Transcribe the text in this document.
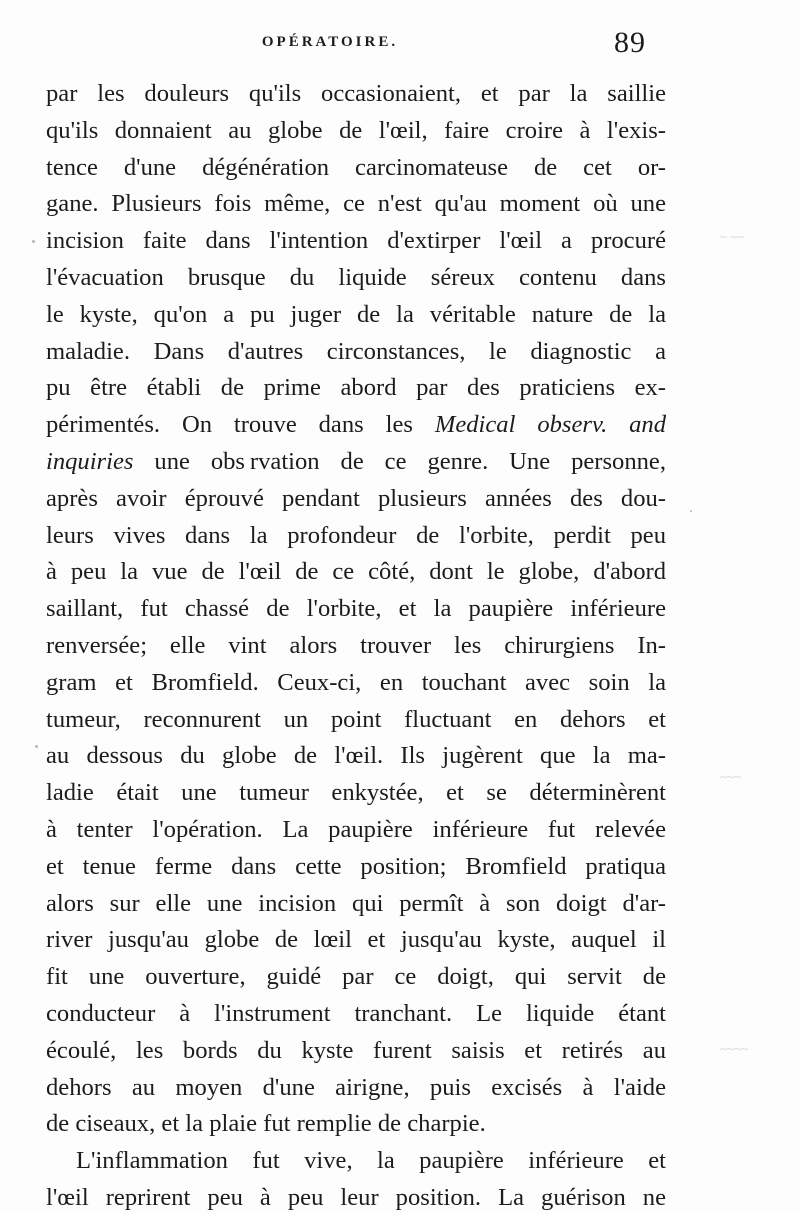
OPÉRATOIRE.	89
par les douleurs qu'ils occasionaient, et par la saillie
qu'ils donnaient au globe de l'œil, faire croire à l'exis-
tence d'une dégénération carcinomateuse de cet or-
gane. Plusieurs fois même, ce n'est qu'au moment où une
incision faite dans l'intention d'extirper l'œil a procuré
l'évacuation brusque du liquide séreux contenu dans
le kyste, qu'on a pu juger de la véritable nature de la
maladie. Dans d'autres circonstances, le diagnostic a
pu être établi de prime abord par des praticiens ex-
périmentés. On trouve dans les Medical observ. and
inquiries une obs rvation de ce genre. Une personne,
après avoir éprouvé pendant plusieurs années des dou-
leurs vives dans la profondeur de l'orbite, perdit peu
à peu la vue de l'œil de ce côté, dont le globe, d'abord
saillant, fut chassé de l'orbite, et la paupière inférieure
renversée; elle vint alors trouver les chirurgiens In-
gram et Bromfield. Ceux-ci, en touchant avec soin la
tumeur, reconnurent un point fluctuant en dehors et
au dessous du globe de l'œil. Ils jugèrent que la ma-
ladie était une tumeur enkystée, et se déterminèrent
à tenter l'opération. La paupière inférieure fut relevée
et tenue ferme dans cette position; Bromfield pratiqua
alors sur elle une incision qui permît à son doigt d'ar-
river jusqu'au globe de lœil et jusqu'au kyste, auquel il
fit une ouverture, guidé par ce doigt, qui servit de
conducteur à l'instrument tranchant. Le liquide étant
écoulé, les bords du kyste furent saisis et retirés au
dehors au moyen d'une airigne, puis excisés à l'aide
de ciseaux, et la plaie fut remplie de charpie.
L'inflammation fut vive, la paupière inférieure et
l'œil reprirent peu à peu leur position. La guérison ne
~ ~~
~~~
~~~~
